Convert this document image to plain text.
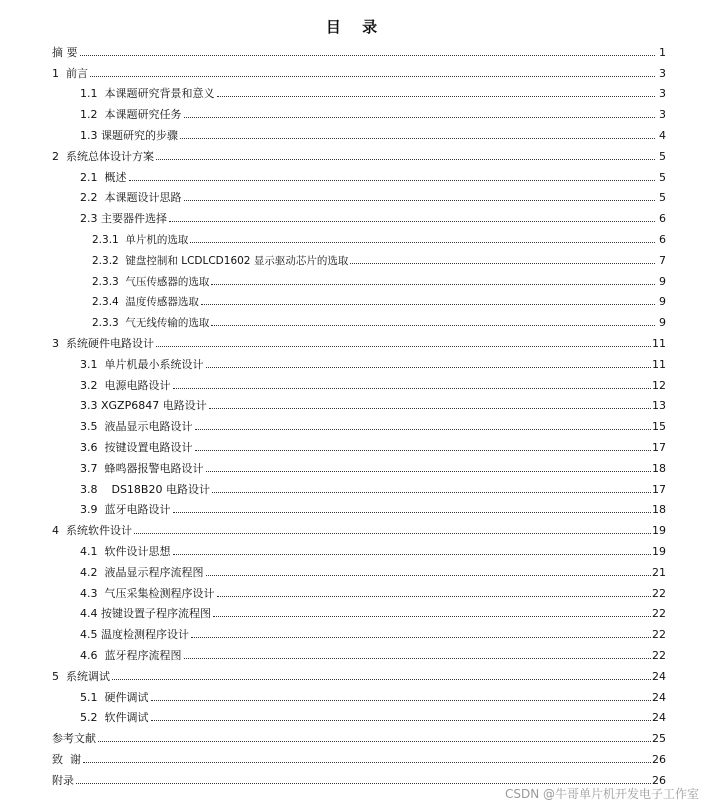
目 录
摘 要	1
1  前言	3
1.1  本课题研究背景和意义	3
1.2  本课题研究任务	3
1.3 课题研究的步骤	4
2  系统总体设计方案	5
2.1  概述	5
2.2  本课题设计思路	5
2.3 主要器件选择	6
2.3.1  单片机的选取	6
2.3.2  键盘控制和 LCDLCD1602 显示驱动芯片的选取	7
2.3.3  气压传感器的选取	9
2.3.4  温度传感器选取	9
2.3.3  气无线传输的选取	9
3  系统硬件电路设计	11
3.1  单片机最小系统设计	11
3.2  电源电路设计	12
3.3 XGZP6847 电路设计	13
3.5  液晶显示电路设计	15
3.6  按键设置电路设计	17
3.7  蜂鸣器报警电路设计	18
3.8    DS18B20 电路设计	17
3.9  蓝牙电路设计	18
4  系统软件设计	19
4.1  软件设计思想	19
4.2  液晶显示程序流程图	21
4.3  气压采集检测程序设计	22
4.4 按键设置子程序流程图	22
4.5 温度检测程序设计	22
4.6  蓝牙程序流程图	22
5  系统调试	24
5.1  硬件调试	24
5.2  软件调试	24
参考文献	25
致  谢	26
附录	26
CSDN @牛哥单片机开发电子工作室
